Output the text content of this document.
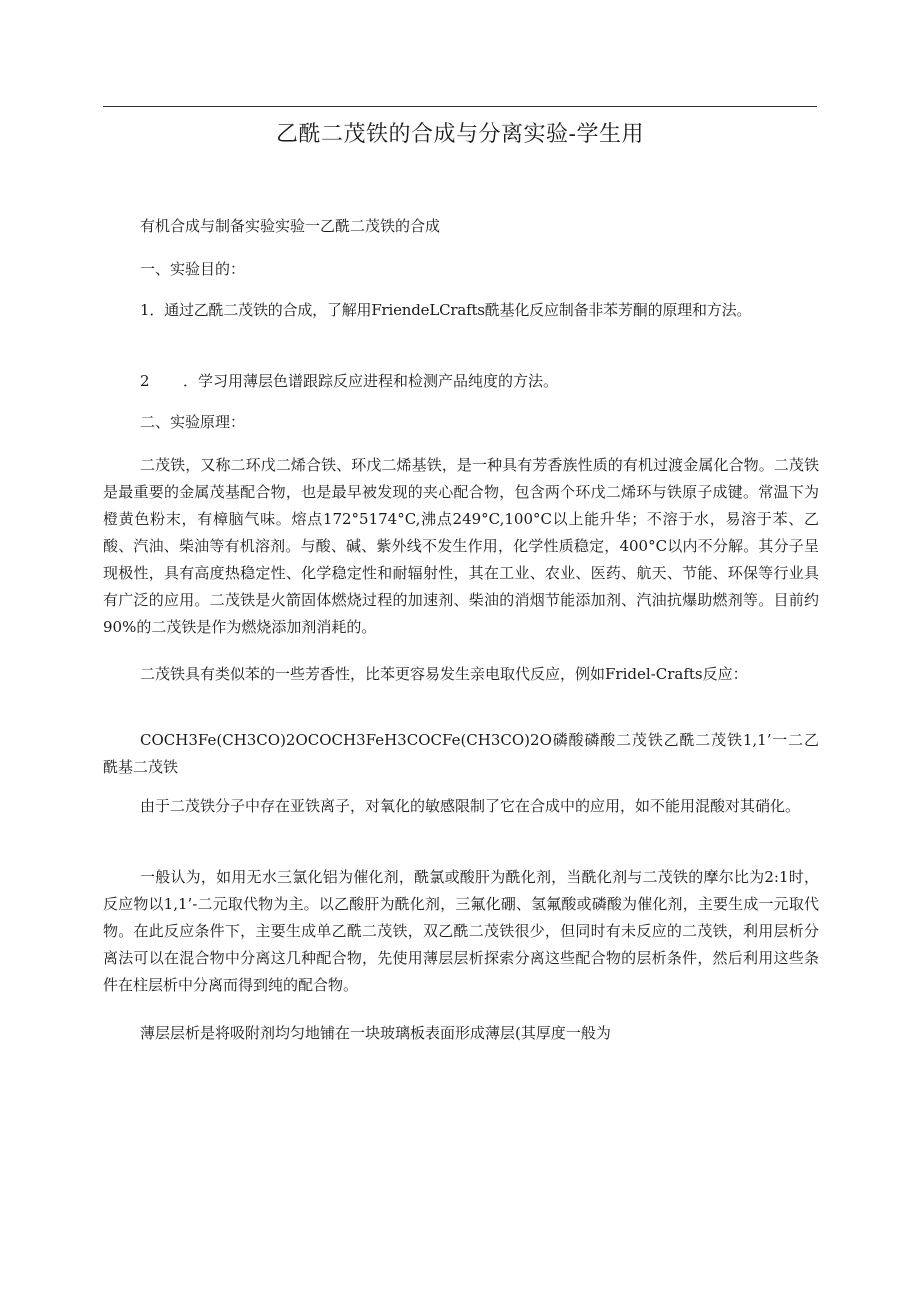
乙酰二茂铁的合成与分离实验-学生用

有机合成与制备实验实验一乙酰二茂铁的合成

一、实验目的：

1．通过乙酰二茂铁的合成，了解用FriendeLCrafts酰基化反应制备非苯芳酮的原理和方法。

2 ．学习用薄层色谱跟踪反应进程和检测产品纯度的方法。

二、实验原理：

二茂铁，又称二环戊二烯合铁、环戊二烯基铁，是一种具有芳香族性质的有机过渡金属化合物。二茂铁是最重要的金属茂基配合物，也是最早被发现的夹心配合物，包含两个环戊二烯环与铁原子成键。常温下为橙黄色粉末，有樟脑气味。熔点172°5174°C,沸点249°C,100°C以上能升华；不溶于水，易溶于苯、乙酸、汽油、柴油等有机溶剂。与酸、碱、紫外线不发生作用，化学性质稳定，400°C以内不分解。其分子呈现极性，具有高度热稳定性、化学稳定性和耐辐射性，其在工业、农业、医药、航天、节能、环保等行业具有广泛的应用。二茂铁是火箭固体燃烧过程的加速剂、柴油的消烟节能添加剂、汽油抗爆助燃剂等。目前约90%的二茂铁是作为燃烧添加剂消耗的。

二茂铁具有类似苯的一些芳香性，比苯更容易发生亲电取代反应，例如Fridel-Crafts反应：

COCH3Fe(CH3CO)2OCOCH3FeH3COCFe(CH3CO)2O磷酸磷酸二茂铁乙酰二茂铁1,1’一二乙酰基二茂铁

由于二茂铁分子中存在亚铁离子，对氧化的敏感限制了它在合成中的应用，如不能用混酸对其硝化。

一般认为，如用无水三氯化铝为催化剂，酰氯或酸肝为酰化剂，当酰化剂与二茂铁的摩尔比为2:1时，反应物以1,1’-二元取代物为主。以乙酸肝为酰化剂，三氟化硼、氢氟酸或磷酸为催化剂，主要生成一元取代物。在此反应条件下，主要生成单乙酰二茂铁，双乙酰二茂铁很少，但同时有未反应的二茂铁，利用层析分离法可以在混合物中分离这几种配合物，先使用薄层层析探索分离这些配合物的层析条件，然后利用这些条件在柱层析中分离而得到纯的配合物。

薄层层析是将吸附剂均匀地铺在一块玻璃板表面形成薄层(其厚度一般为
